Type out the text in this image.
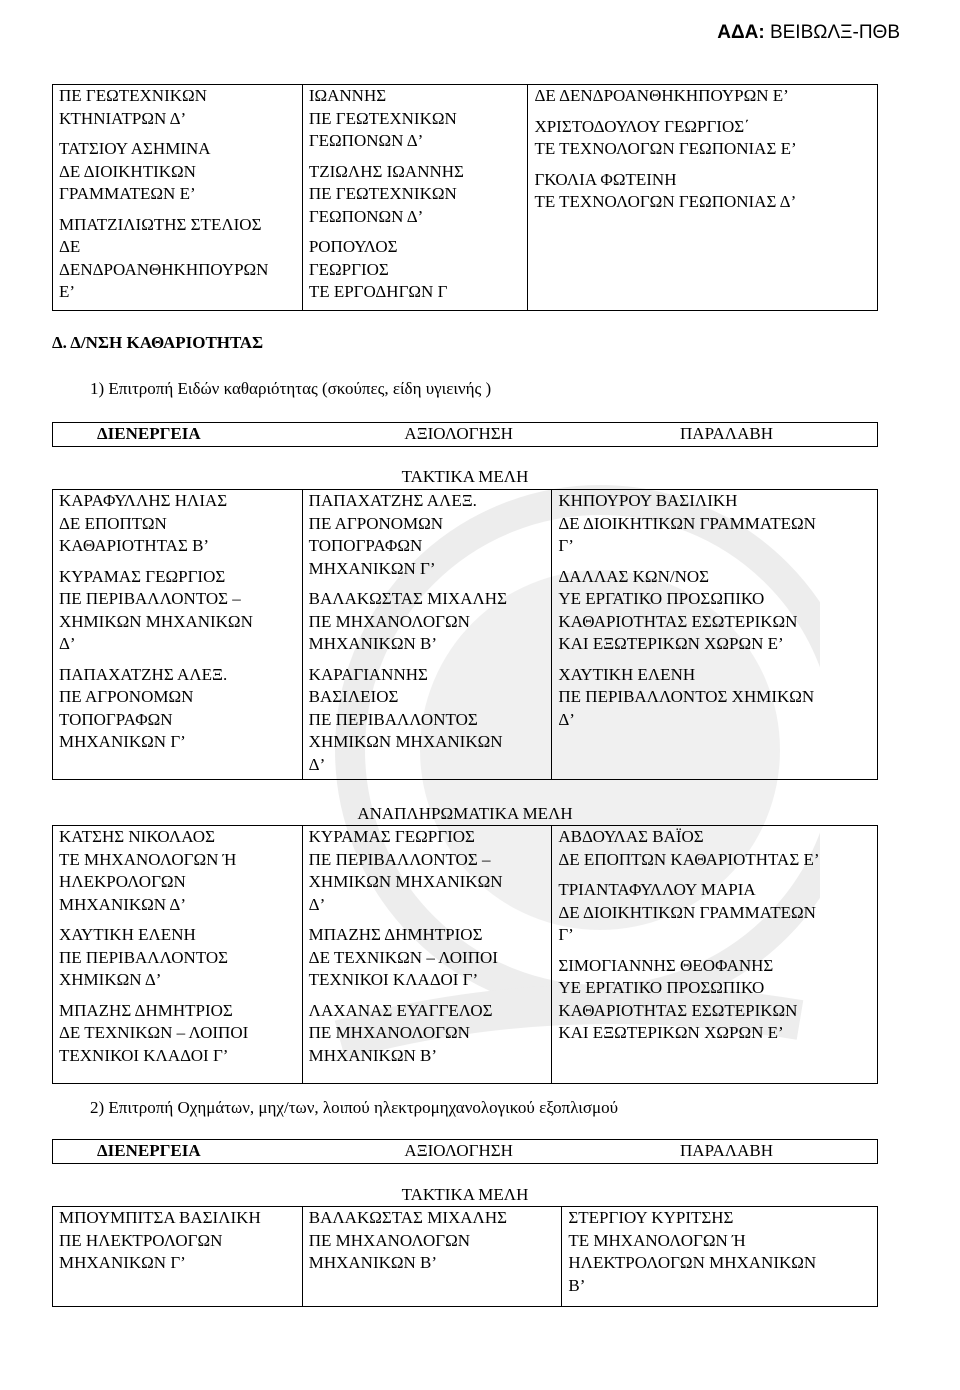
ΑΔΑ: ΒΕΙΒΩΛΞ-ΠΘΒ
ΠΕ ΓΕΩΤΕΧΝΙΚΩΝ
ΚΤΗΝΙΑΤΡΩΝ Δ’
ΤΑΤΣΙΟΥ ΑΣΗΜΙΝΑ
ΔΕ ΔΙΟΙΚΗΤΙΚΩΝ
ΓΡΑΜΜΑΤΕΩΝ Ε’
ΜΠΑΤΖΙΛΙΩΤΗΣ ΣΤΕΛΙΟΣ
ΔΕ
ΔΕΝΔΡΟΑΝΘΗΚΗΠΟΥΡΩΝ
Ε’

ΙΩΑΝΝΗΣ
ΠΕ ΓΕΩΤΕΧΝΙΚΩΝ
ΓΕΩΠΟΝΩΝ Δ’
ΤΖΙΩΛΗΣ ΙΩΑΝΝΗΣ
ΠΕ ΓΕΩΤΕΧΝΙΚΩΝ
ΓΕΩΠΟΝΩΝ Δ’
ΡΟΠΟΥΛΟΣ
ΓΕΩΡΓΙΟΣ
ΤΕ ΕΡΓΟΔΗΓΩΝ Γ

ΔΕ ΔΕΝΔΡΟΑΝΘΗΚΗΠΟΥΡΩΝ Ε’
ΧΡΙΣΤΟΔΟΥΛΟΥ ΓΕΩΡΓΙΟΣ΄
ΤΕ ΤΕΧΝΟΛΟΓΩΝ ΓΕΩΠΟΝΙΑΣ Ε’
ΓΚΟΛΙΑ ΦΩΤΕΙΝΗ
ΤΕ ΤΕΧΝΟΛΟΓΩΝ ΓΕΩΠΟΝΙΑΣ Δ’
Δ. Δ/ΝΣΗ ΚΑΘΑΡΙΟΤΗΤΑΣ
1) Επιτροπή Ειδών καθαριότητας (σκούπες, είδη υγιεινής )
ΔΙΕΝΕΡΓΕΙΑ	ΑΞΙΟΛΟΓΗΣΗ	ΠΑΡΑΛΑΒΗ
ΤΑΚΤΙΚΑ ΜΕΛΗ
ΚΑΡΑΦΥΛΛΗΣ ΗΛΙΑΣ
ΔΕ ΕΠΟΠΤΩΝ
ΚΑΘΑΡΙΟΤΗΤΑΣ Β’
ΚΥΡΑΜΑΣ ΓΕΩΡΓΙΟΣ
ΠΕ ΠΕΡΙΒΑΛΛΟΝΤΟΣ –
ΧΗΜΙΚΩΝ ΜΗΧΑΝΙΚΩΝ
Δ’
ΠΑΠΑΧΑΤΖΗΣ ΑΛΕΞ.
ΠΕ ΑΓΡΟΝΟΜΩΝ
ΤΟΠΟΓΡΑΦΩΝ
ΜΗΧΑΝΙΚΩΝ Γ’

ΠΑΠΑΧΑΤΖΗΣ ΑΛΕΞ.
ΠΕ ΑΓΡΟΝΟΜΩΝ
ΤΟΠΟΓΡΑΦΩΝ
ΜΗΧΑΝΙΚΩΝ Γ’
ΒΑΛΑΚΩΣΤΑΣ ΜΙΧΑΛΗΣ
ΠΕ ΜΗΧΑΝΟΛΟΓΩΝ
ΜΗΧΑΝΙΚΩΝ Β’
ΚΑΡΑΓΙΑΝΝΗΣ
ΒΑΣΙΛΕΙΟΣ
ΠΕ ΠΕΡΙΒΑΛΛΟΝΤΟΣ
ΧΗΜΙΚΩΝ ΜΗΧΑΝΙΚΩΝ
Δ’

ΚΗΠΟΥΡΟΥ ΒΑΣΙΛΙΚΗ
ΔΕ ΔΙΟΙΚΗΤΙΚΩΝ ΓΡΑΜΜΑΤΕΩΝ
Γ’
ΔΑΛΛΑΣ ΚΩΝ/ΝΟΣ
ΥΕ ΕΡΓΑΤΙΚΟ ΠΡΟΣΩΠΙΚΟ
ΚΑΘΑΡΙΟΤΗΤΑΣ ΕΣΩΤΕΡΙΚΩΝ
ΚΑΙ ΕΞΩΤΕΡΙΚΩΝ ΧΩΡΩΝ Ε’
ΧΑΥΤΙΚΗ ΕΛΕΝΗ
ΠΕ ΠΕΡΙΒΑΛΛΟΝΤΟΣ ΧΗΜΙΚΩΝ
Δ’
ΑΝΑΠΛΗΡΩΜΑΤΙΚΑ ΜΕΛΗ
ΚΑΤΣΗΣ ΝΙΚΟΛΑΟΣ
ΤΕ ΜΗΧΑΝΟΛΟΓΩΝ Ή
ΗΛΕΚΡΟΛΟΓΩΝ
ΜΗΧΑΝΙΚΩΝ Δ’
ΧΑΥΤΙΚΗ ΕΛΕΝΗ
ΠΕ ΠΕΡΙΒΑΛΛΟΝΤΟΣ
ΧΗΜΙΚΩΝ Δ’
ΜΠΑΖΗΣ ΔΗΜΗΤΡΙΟΣ
ΔΕ ΤΕΧΝΙΚΩΝ – ΛΟΙΠΟΙ
ΤΕΧΝΙΚΟΙ ΚΛΑΔΟΙ Γ’

ΚΥΡΑΜΑΣ ΓΕΩΡΓΙΟΣ
ΠΕ ΠΕΡΙΒΑΛΛΟΝΤΟΣ –
ΧΗΜΙΚΩΝ ΜΗΧΑΝΙΚΩΝ
Δ’
ΜΠΑΖΗΣ ΔΗΜΗΤΡΙΟΣ
ΔΕ ΤΕΧΝΙΚΩΝ – ΛΟΙΠΟΙ
ΤΕΧΝΙΚΟΙ ΚΛΑΔΟΙ Γ’
ΛΑΧΑΝΑΣ ΕΥΑΓΓΕΛΟΣ
ΠΕ ΜΗΧΑΝΟΛΟΓΩΝ
ΜΗΧΑΝΙΚΩΝ Β’

ΑΒΔΟΥΛΑΣ ΒΑΪΟΣ
ΔΕ ΕΠΟΠΤΩΝ ΚΑΘΑΡΙΟΤΗΤΑΣ Ε’
ΤΡΙΑΝΤΑΦΥΛΛΟΥ ΜΑΡΙΑ
ΔΕ ΔΙΟΙΚΗΤΙΚΩΝ ΓΡΑΜΜΑΤΕΩΝ
Γ’
ΣΙΜΟΓΙΑΝΝΗΣ ΘΕΟΦΑΝΗΣ
ΥΕ ΕΡΓΑΤΙΚΟ ΠΡΟΣΩΠΙΚΟ
ΚΑΘΑΡΙΟΤΗΤΑΣ ΕΣΩΤΕΡΙΚΩΝ
ΚΑΙ ΕΞΩΤΕΡΙΚΩΝ ΧΩΡΩΝ Ε’
2) Επιτροπή Οχημάτων, μηχ/των, λοιπού ηλεκτρομηχανολογικού εξοπλισμού
ΔΙΕΝΕΡΓΕΙΑ	ΑΞΙΟΛΟΓΗΣΗ	ΠΑΡΑΛΑΒΗ
ΤΑΚΤΙΚΑ ΜΕΛΗ
ΜΠΟΥΜΠΙΤΣΑ ΒΑΣΙΛΙΚΗ
ΠΕ ΗΛΕΚΤΡΟΛΟΓΩΝ
ΜΗΧΑΝΙΚΩΝ Γ’

ΒΑΛΑΚΩΣΤΑΣ ΜΙΧΑΛΗΣ
ΠΕ ΜΗΧΑΝΟΛΟΓΩΝ
ΜΗΧΑΝΙΚΩΝ Β’

ΣΤΕΡΓΙΟΥ ΚΥΡΙΤΣΗΣ
ΤΕ ΜΗΧΑΝΟΛΟΓΩΝ Ή
ΗΛΕΚΤΡΟΛΟΓΩΝ ΜΗΧΑΝΙΚΩΝ
Β’
